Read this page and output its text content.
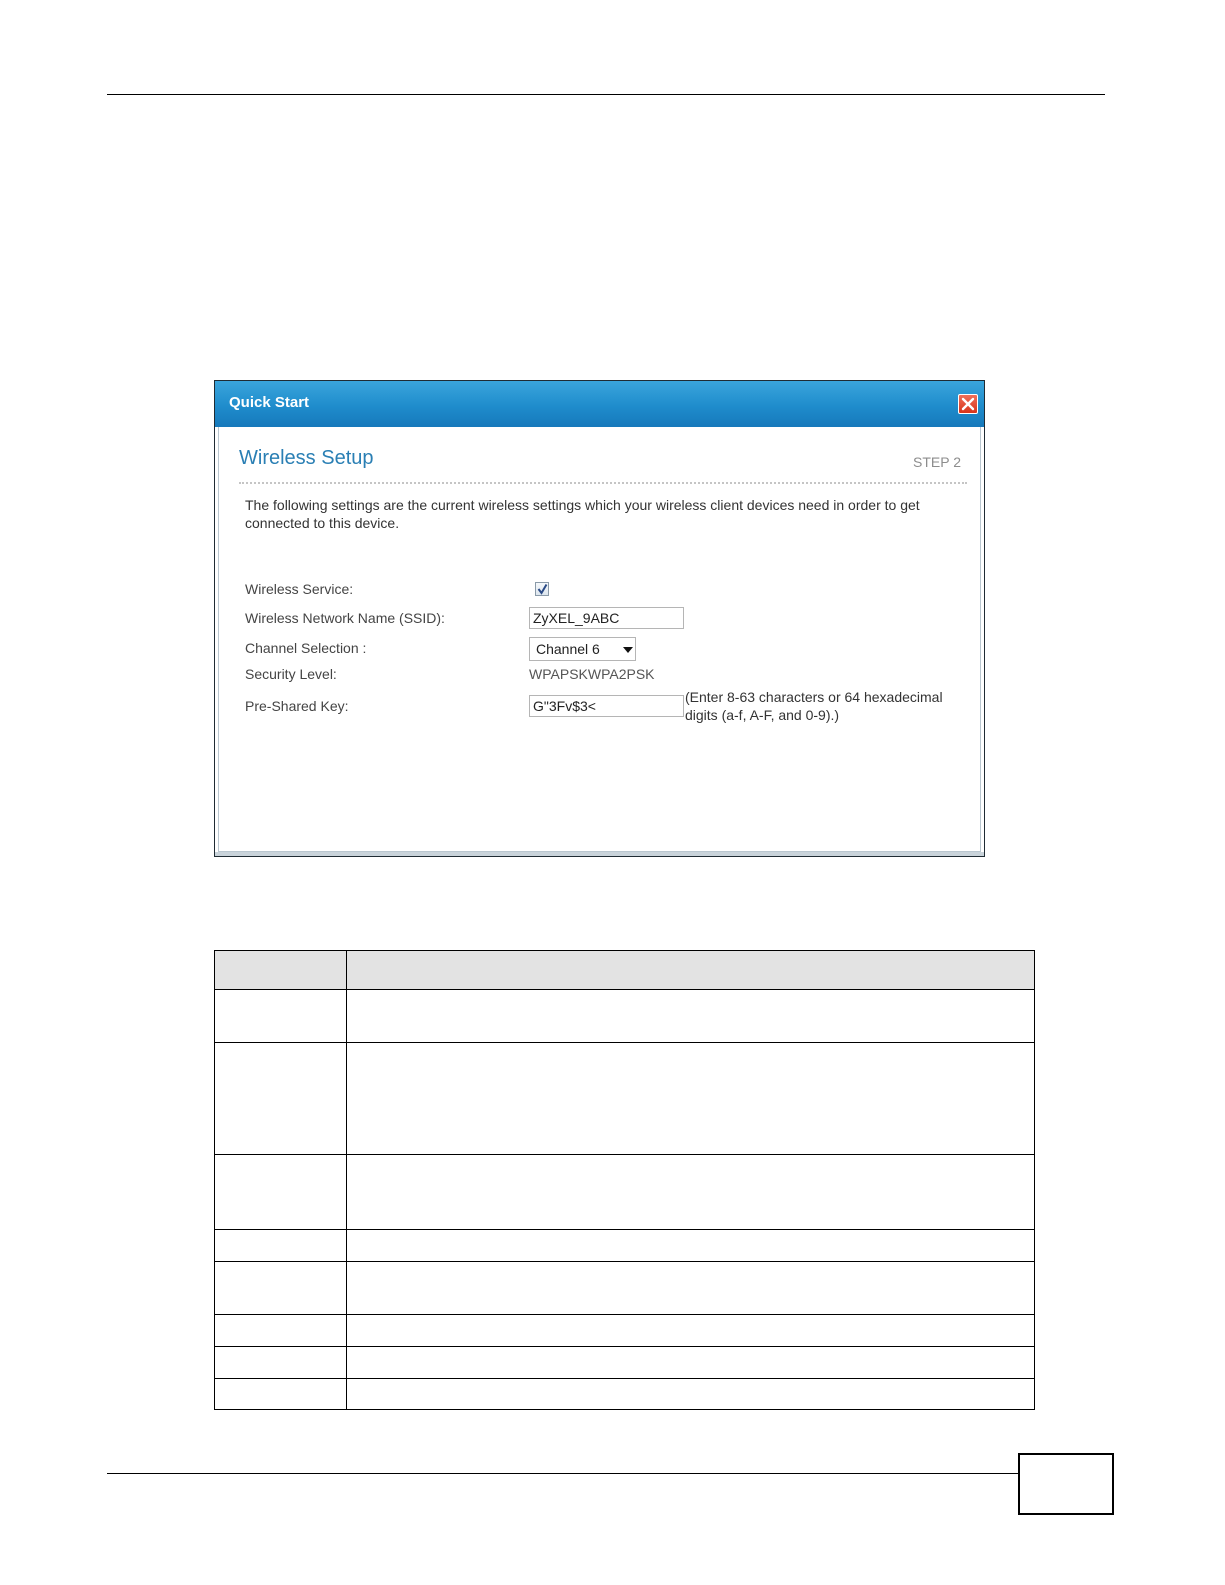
Quick Start
Wireless Setup	STEP 2
The following settings are the current wireless settings which your wireless client devices need in order to get connected to this device.
Wireless Service:
Wireless Network Name (SSID):	ZyXEL_9ABC
Channel Selection :	Channel 6
Security Level:	WPAPSKWPA2PSK
Pre-Shared Key:	G"3Fv$3<
(Enter 8-63 characters or 64 hexadecimal digits (a-f, A-F, and 0-9).)
